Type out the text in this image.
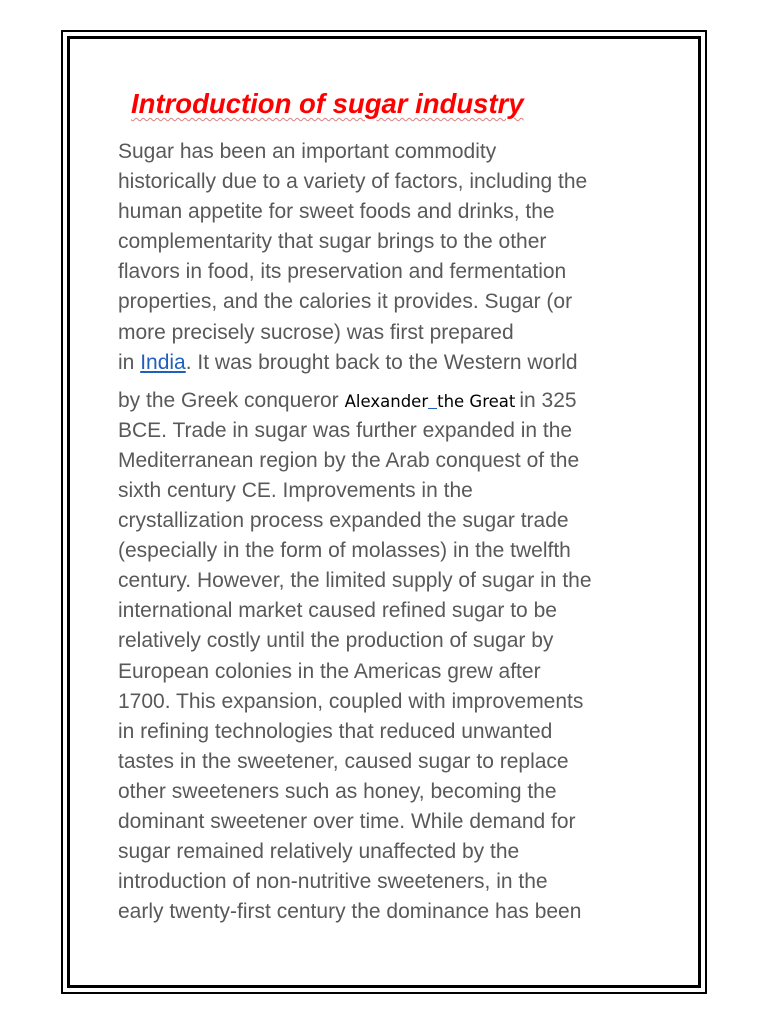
Introduction of sugar industry
Sugar has been an important commodity
historically due to a variety of factors, including the
human appetite for sweet foods and drinks, the
complementarity that sugar brings to the other
flavors in food, its preservation and fermentation
properties, and the calories it provides. Sugar (or
more precisely sucrose) was first prepared
in India. It was brought back to the Western world
by the Greek conqueror Alexander the Great in 325
BCE. Trade in sugar was further expanded in the
Mediterranean region by the Arab conquest of the
sixth century CE. Improvements in the
crystallization process expanded the sugar trade
(especially in the form of molasses) in the twelfth
century. However, the limited supply of sugar in the
international market caused refined sugar to be
relatively costly until the production of sugar by
European colonies in the Americas grew after
1700. This expansion, coupled with improvements
in refining technologies that reduced unwanted
tastes in the sweetener, caused sugar to replace
other sweeteners such as honey, becoming the
dominant sweetener over time. While demand for
sugar remained relatively unaffected by the
introduction of non-nutritive sweeteners, in the
early twenty-first century the dominance has been
